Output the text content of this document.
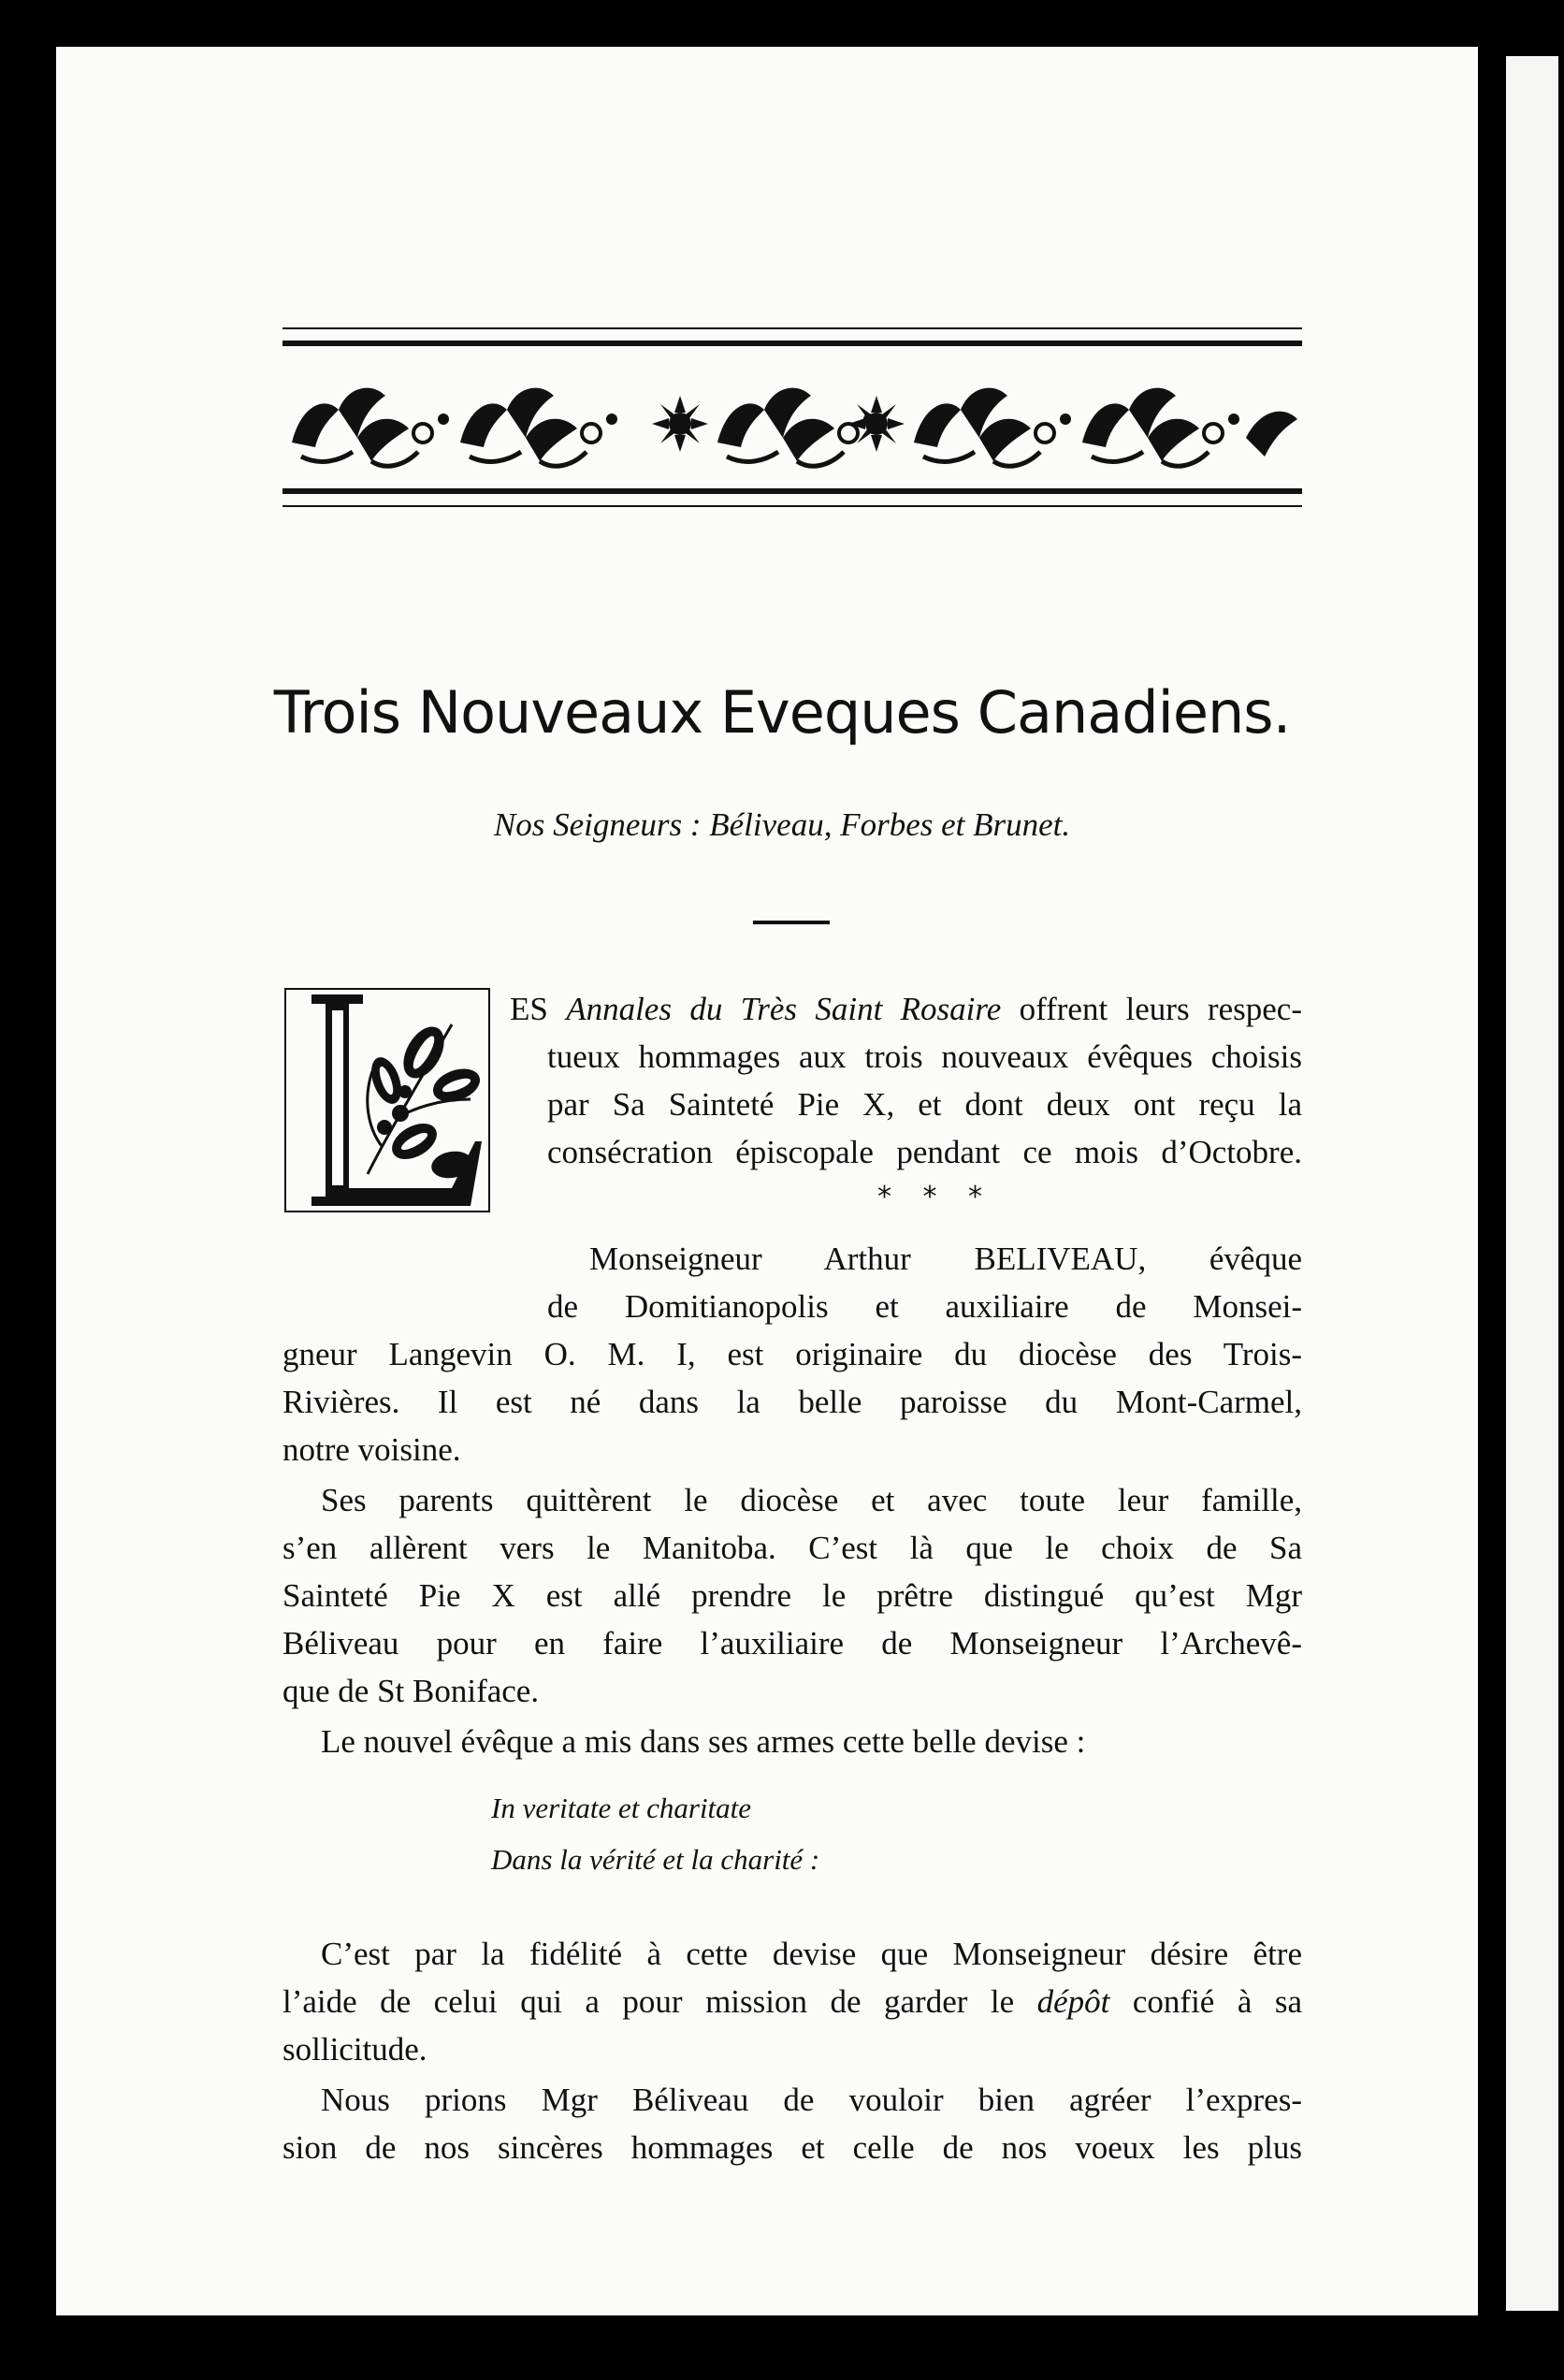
Trois Nouveaux Eveques Canadiens.
Nos Seigneurs : Béliveau, Forbes et Brunet.
L
ES Annales du Très Saint Rosaire offrent leurs respec-
tueux hommages aux trois nouveaux évêques choisis
par Sa Sainteté Pie X, et dont deux ont reçu la
consécration épiscopale pendant ce mois d’Octobre.
* * *
Monseigneur Arthur BELIVEAU, évêque
de Domitianopolis et auxiliaire de Monsei-
gneur Langevin O. M. I, est originaire du diocèse des Trois-
Rivières. Il est né dans la belle paroisse du Mont-Carmel,
notre voisine.
Ses parents quittèrent le diocèse et avec toute leur famille,
s’en allèrent vers le Manitoba. C’est là que le choix de Sa
Sainteté Pie X est allé prendre le prêtre distingué qu’est Mgr
Béliveau pour en faire l’auxiliaire de Monseigneur l’Archevê-
que de St Boniface.
Le nouvel évêque a mis dans ses armes cette belle devise :
In veritate et charitate
Dans la vérité et la charité :
C’est par la fidélité à cette devise que Monseigneur désire être
l’aide de celui qui a pour mission de garder le dépôt confié à sa
sollicitude.
Nous prions Mgr Béliveau de vouloir bien agréer l’expres-
sion de nos sincères hommages et celle de nos voeux les plus
